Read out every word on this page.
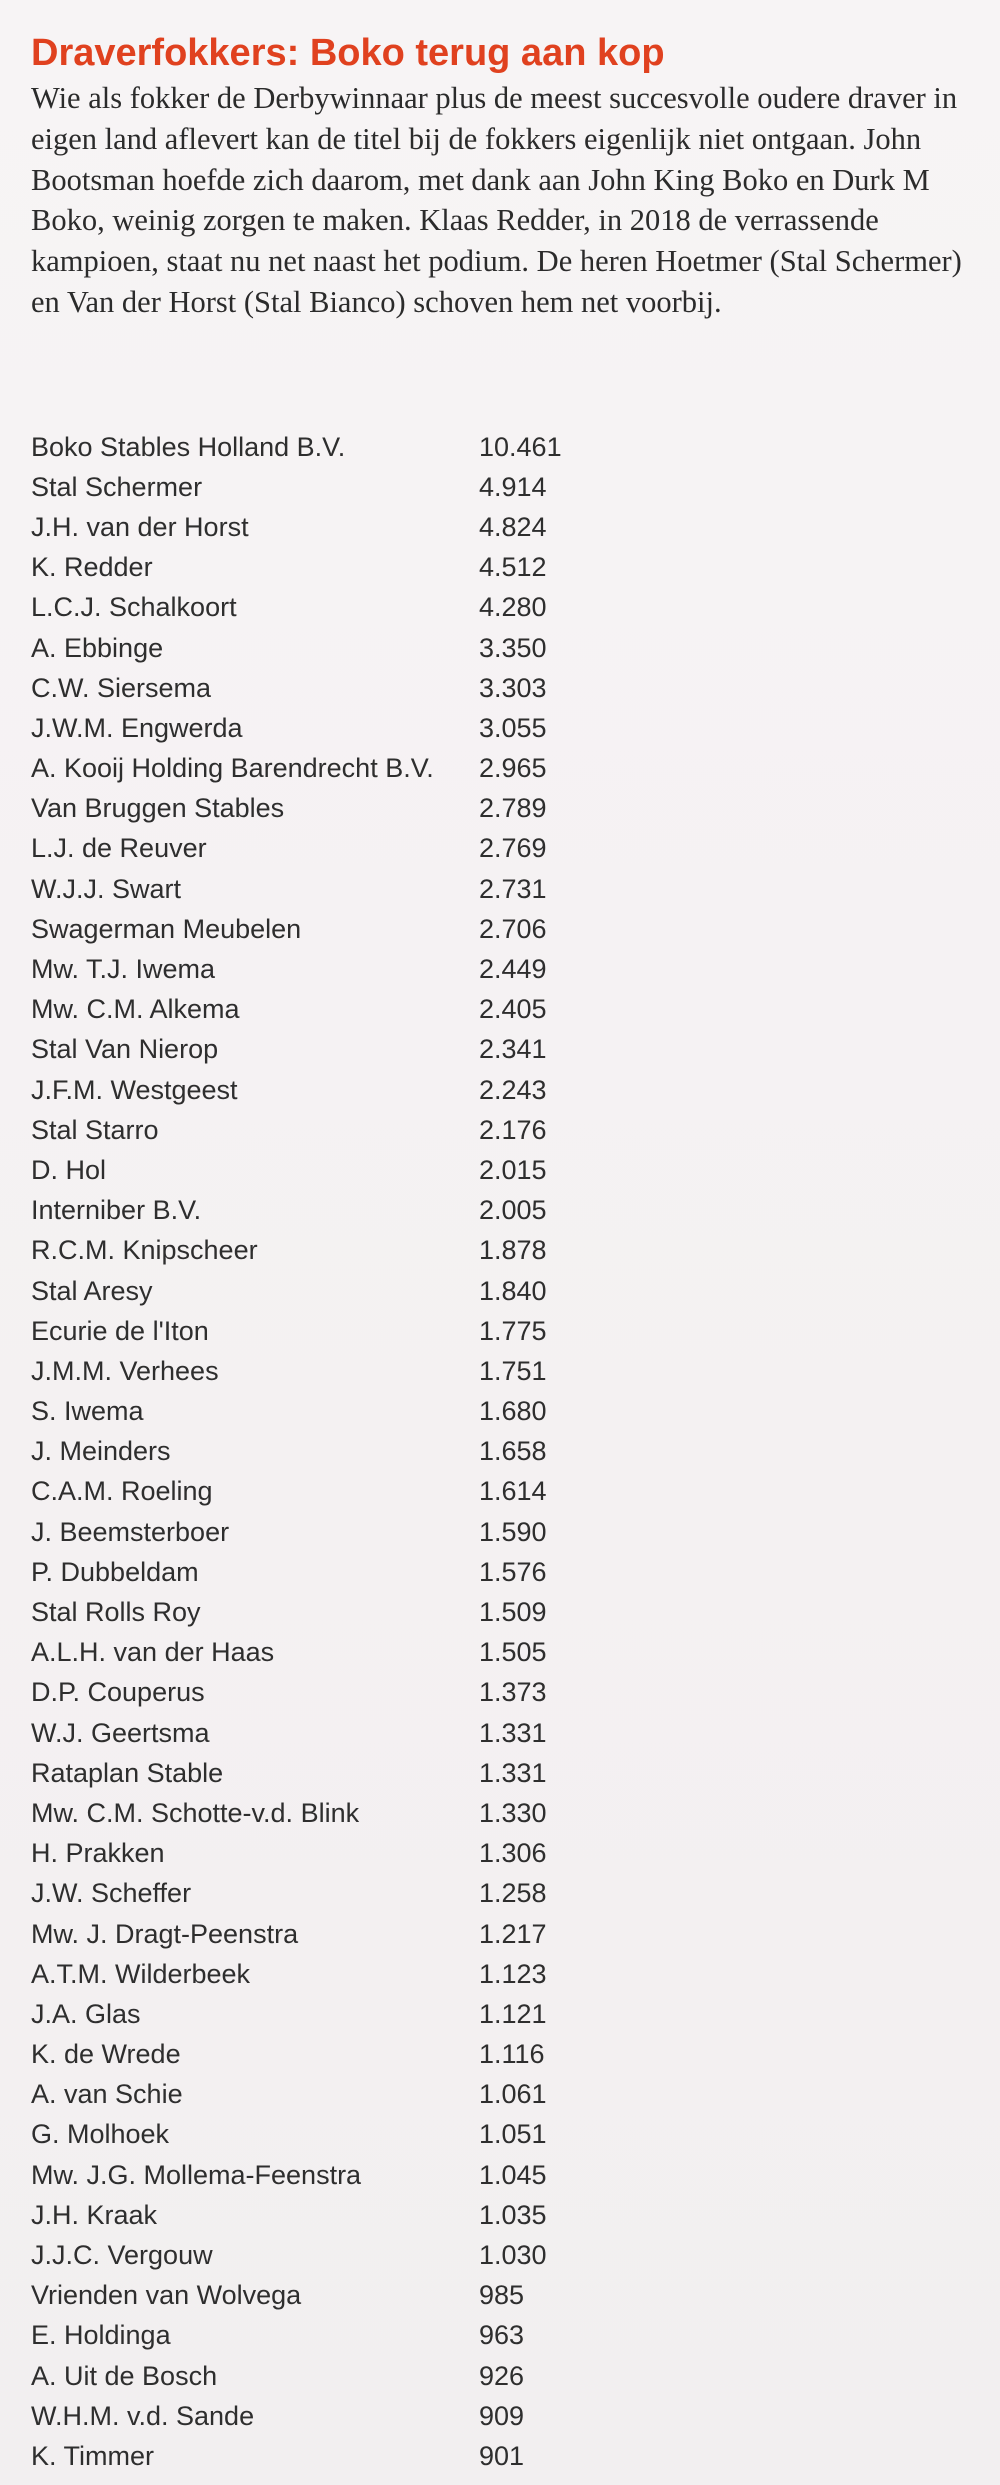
Draverfokkers: Boko terug aan kop

Wie als fokker de Derbywinnaar plus de meest succesvolle oudere draver in eigen land aflevert kan de titel bij de fokkers eigenlijk niet ontgaan. John Bootsman hoefde zich daarom, met dank aan John King Boko en Durk M Boko, weinig zorgen te maken. Klaas Redder, in 2018 de verrassende kampioen, staat nu net naast het podium. De heren Hoetmer (Stal Schermer) en Van der Horst (Stal Bianco) schoven hem net voorbij.

Boko Stables Holland B.V.	10.461
Stal Schermer	4.914
J.H. van der Horst	4.824
K. Redder	4.512
L.C.J. Schalkoort	4.280
A. Ebbinge	3.350
C.W. Siersema	3.303
J.W.M. Engwerda	3.055
A. Kooij Holding Barendrecht B.V.	2.965
Van Bruggen Stables	2.789
L.J. de Reuver	2.769
W.J.J. Swart	2.731
Swagerman Meubelen	2.706
Mw. T.J. Iwema	2.449
Mw. C.M. Alkema	2.405
Stal Van Nierop	2.341
J.F.M. Westgeest	2.243
Stal Starro	2.176
D. Hol	2.015
Interniber B.V.	2.005
R.C.M. Knipscheer	1.878
Stal Aresy	1.840
Ecurie de l'Iton	1.775
J.M.M. Verhees	1.751
S. Iwema	1.680
J. Meinders	1.658
C.A.M. Roeling	1.614
J. Beemsterboer	1.590
P. Dubbeldam	1.576
Stal Rolls Roy	1.509
A.L.H. van der Haas	1.505
D.P. Couperus	1.373
W.J. Geertsma	1.331
Rataplan Stable	1.331
Mw. C.M. Schotte-v.d. Blink	1.330
H. Prakken	1.306
J.W. Scheffer	1.258
Mw. J. Dragt-Peenstra	1.217
A.T.M. Wilderbeek	1.123
J.A. Glas	1.121
K. de Wrede	1.116
A. van Schie	1.061
G. Molhoek	1.051
Mw. J.G. Mollema-Feenstra	1.045
J.H. Kraak	1.035
J.J.C. Vergouw	1.030
Vrienden van Wolvega	985
E. Holdinga	963
A. Uit de Bosch	926
W.H.M. v.d. Sande	909
K. Timmer	901
